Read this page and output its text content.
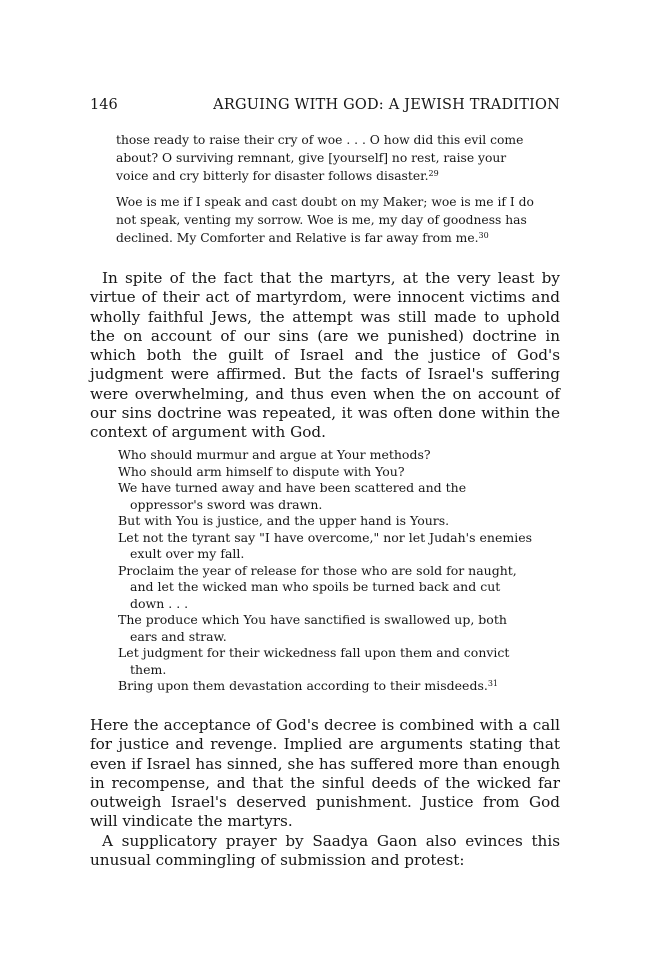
146	ARGUING WITH GOD: A JEWISH TRADITION

those ready to raise their cry of woe . . . O how did this evil come about? O surviving remnant, give [yourself] no rest, raise your voice and cry bitterly for disaster follows disaster.$^{29}$

Woe is me if I speak and cast doubt on my Maker; woe is me if I do not speak, venting my sorrow. Woe is me, my day of goodness has declined. My Comforter and Relative is far away from me.$^{30}$

In spite of the fact that the martyrs, at the very least by virtue of their act of martyrdom, were innocent victims and wholly faithful Jews, the attempt was still made to uphold the on account of our sins (are we punished) doctrine in which both the guilt of Israel and the justice of God's judgment were affirmed. But the facts of Israel's suffering were overwhelming, and thus even when the on account of our sins doctrine was repeated, it was often done within the context of argument with God.

Who should murmur and argue at Your methods?
Who should arm himself to dispute with You?
We have turned away and have been scattered and the oppressor's sword was drawn.
But with You is justice, and the upper hand is Yours.
Let not the tyrant say "I have overcome," nor let Judah's enemies exult over my fall.
Proclaim the year of release for those who are sold for naught, and let the wicked man who spoils be turned back and cut down . . .
The produce which You have sanctified is swallowed up, both ears and straw.
Let judgment for their wickedness fall upon them and convict them.
Bring upon them devastation according to their misdeeds.$^{31}$

Here the acceptance of God's decree is combined with a call for justice and revenge. Implied are arguments stating that even if Israel has sinned, she has suffered more than enough in recompense, and that the sinful deeds of the wicked far outweigh Israel's deserved punishment. Justice from God will vindicate the martyrs.

A supplicatory prayer by Saadya Gaon also evinces this unusual commingling of submission and protest:
